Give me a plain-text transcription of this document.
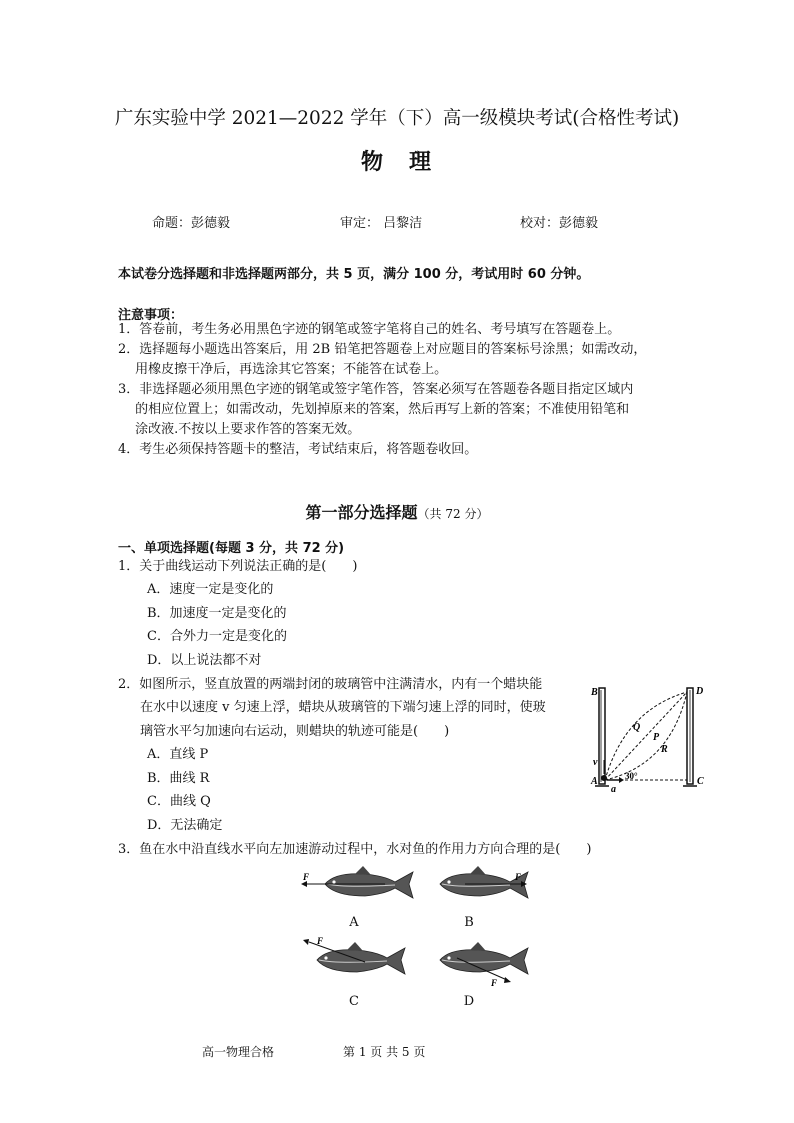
广东实验中学 2021—2022 学年（下）高一级模块考试(合格性考试)
物　理
命题：彭德毅	审定： 吕黎洁	校对：彭德毅
本试卷分选择题和非选择题两部分，共 5 页，满分 100 分，考试用时 60 分钟。
注意事项：
1．答卷前，考生务必用黑色字迹的钢笔或签字笔将自己的姓名、考号填写在答题卷上。
2．选择题每小题选出答案后，用 2B 铅笔把答题卷上对应题目的答案标号涂黑；如需改动，
　 用橡皮擦干净后，再选涂其它答案；不能答在试卷上。
3．非选择题必须用黑色字迹的钢笔或签字笔作答，答案必须写在答题卷各题目指定区域内
　 的相应位置上；如需改动，先划掉原来的答案，然后再写上新的答案；不准使用铅笔和
　 涂改液.不按以上要求作答的答案无效。
4．考生必须保持答题卡的整洁，考试结束后，将答题卷收回。
第一部分选择题（共 72 分）
一、单项选择题(每题 3 分，共 72 分)
1．关于曲线运动下列说法正确的是(　　)
A．速度一定是变化的
B．加速度一定是变化的
C．合外力一定是变化的
D．以上说法都不对
2．如图所示，竖直放置的两端封闭的玻璃管中注满清水，内有一个蜡块能
在水中以速度 v 匀速上浮，蜡块从玻璃管的下端匀速上浮的同时，使玻
璃管水平匀加速向右运动，则蜡块的轨迹可能是(　　)
A．直线 P
B．曲线 R
C．曲线 Q
D．无法确定
B	D
Q
P
R
v
A
a
30°	C
3．鱼在水中沿直线水平向左加速游动过程中，水对鱼的作用力方向合理的是(　　)
F	F
F
F
A	B
C	D
高一物理合格	第 1 页 共 5 页
